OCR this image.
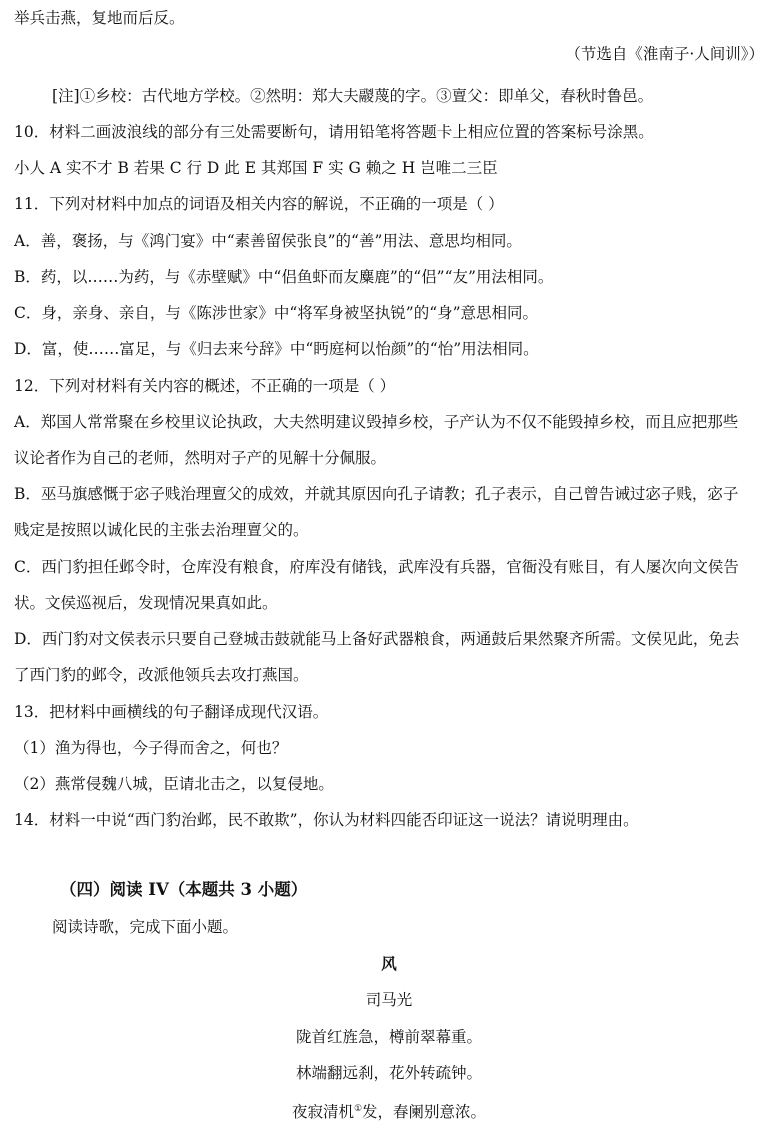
举兵击燕，复地而后反。
（节选自《淮南子·人间训》）
[注]①乡校：古代地方学校。②然明：郑大夫鬷蔑的字。③亶父：即单父，春秋时鲁邑。
10．材料二画波浪线的部分有三处需要断句，请用铅笔将答题卡上相应位置的答案标号涂黑。
小人 A 实不才 B 若果 C 行 D 此 E 其郑国 F 实 G 赖之 H 岂唯二三臣
11．下列对材料中加点的词语及相关内容的解说，不正确的一项是（ ）
A．善，褒扬，与《鸿门宴》中“素善留侯张良”的“善”用法、意思均相同。
B．药，以……为药，与《赤壁赋》中“侣鱼虾而友麋鹿”的“侣”“友”用法相同。
C．身，亲身、亲自，与《陈涉世家》中“将军身被坚执锐”的“身”意思相同。
D．富，使……富足，与《归去来兮辞》中“眄庭柯以怡颜”的“怡”用法相同。
12．下列对材料有关内容的概述，不正确的一项是（ ）
A．郑国人常常聚在乡校里议论执政，大夫然明建议毁掉乡校，子产认为不仅不能毁掉乡校，而且应把那些
议论者作为自己的老师，然明对子产的见解十分佩服。
B．巫马旗感慨于宓子贱治理亶父的成效，并就其原因向孔子请教；孔子表示，自己曾告诫过宓子贱，宓子
贱定是按照以诚化民的主张去治理亶父的。
C．西门豹担任邺令时，仓库没有粮食，府库没有储钱，武库没有兵器，官衙没有账目，有人屡次向文侯告
状。文侯巡视后，发现情况果真如此。
D．西门豹对文侯表示只要自己登城击鼓就能马上备好武器粮食，两通鼓后果然聚齐所需。文侯见此，免去
了西门豹的邺令，改派他领兵去攻打燕国。
13．把材料中画横线的句子翻译成现代汉语。
（1）渔为得也，今子得而舍之，何也？
（2）燕常侵魏八城，臣请北击之，以复侵地。
14．材料一中说“西门豹治邺，民不敢欺”，你认为材料四能否印证这一说法？请说明理由。
（四）阅读 IV（本题共 3 小题）
阅读诗歌，完成下面小题。
风
司马光
陇首红旌急，樽前翠幕重。
林端翻远刹，花外转疏钟。
夜寂清机①发，春阑别意浓。
